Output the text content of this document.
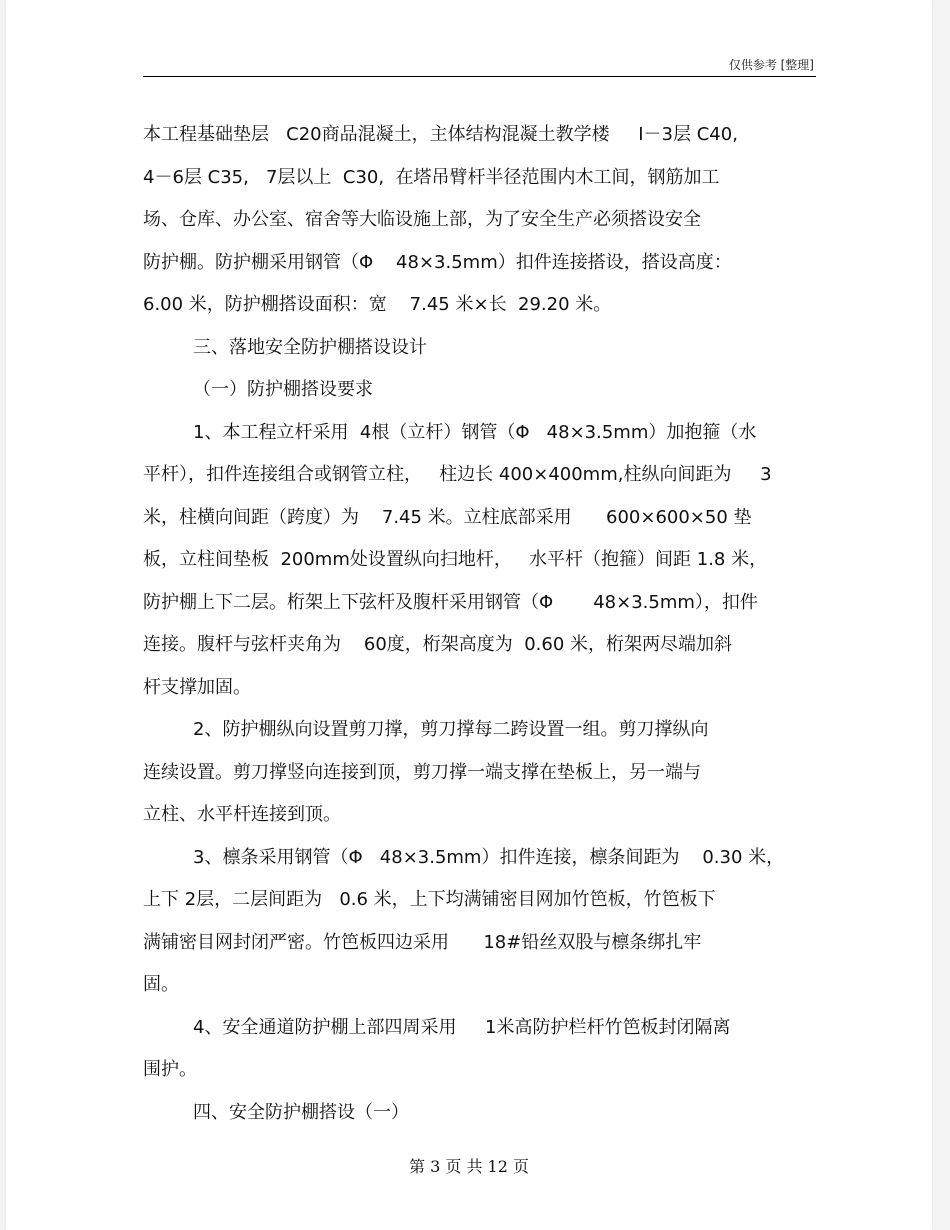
仅供参考 [整理]
本工程基础垫层   C20商品混凝土，主体结构混凝土教学楼     Ⅰ－3层 C40,
4－6层 C35,   7层以上  C30,  在塔吊臂杆半径范围内木工间，钢筋加工
场、仓库、办公室、宿舍等大临设施上部，为了安全生产必须搭设安全
防护棚。防护棚采用钢管（Φ    48×3.5mm）扣件连接搭设，搭设高度：
6.00 米，防护棚搭设面积：宽    7.45 米×长  29.20 米。
三、落地安全防护棚搭设设计
（一）防护棚搭设要求
1、本工程立杆采用  4根（立杆）钢管（Φ   48×3.5mm）加抱箍（水
平杆），扣件连接组合或钢管立柱，   柱边长 400×400mm,柱纵向间距为     3
米，柱横向间距（跨度）为    7.45 米。立柱底部采用      600×600×50 垫
板，立柱间垫板  200mm处设置纵向扫地杆，   水平杆（抱箍）间距 1.8 米，
防护棚上下二层。桁架上下弦杆及腹杆采用钢管（Φ       48×3.5mm），扣件
连接。腹杆与弦杆夹角为    60度，桁架高度为  0.60 米，桁架两尽端加斜
杆支撑加固。
2、防护棚纵向设置剪刀撑，剪刀撑每二跨设置一组。剪刀撑纵向
连续设置。剪刀撑竖向连接到顶，剪刀撑一端支撑在垫板上，另一端与
立柱、水平杆连接到顶。
3、檩条采用钢管（Φ   48×3.5mm）扣件连接，檩条间距为    0.30 米，
上下 2层，二层间距为   0.6 米，上下均满铺密目网加竹笆板，竹笆板下
满铺密目网封闭严密。竹笆板四边采用      18#铅丝双股与檩条绑扎牢
固。
4、安全通道防护棚上部四周采用     1米高防护栏杆竹笆板封闭隔离
围护。
四、安全防护棚搭设（一）
第 3 页 共 12 页
